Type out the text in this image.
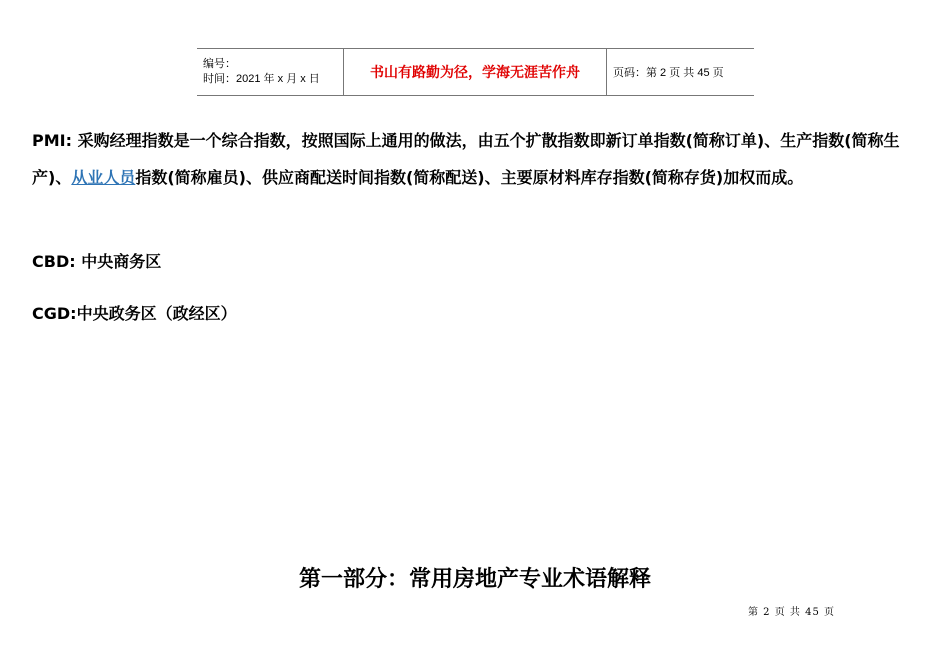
编号：
时间：2021 年 x 月 x 日	书山有路勤为径，学海无涯苦作舟	页码：第 2 页 共 45 页
PMI: 采购经理指数是一个综合指数，按照国际上通用的做法，由五个扩散指数即新订单指数(简称订单)、生产指数(简称生产)、从业人员指数(简称雇员)、供应商配送时间指数(简称配送)、主要原材料库存指数(简称存货)加权而成。
CBD: 中央商务区
CGD:中央政务区（政经区）
第一部分：常用房地产专业术语解释
第 2 页 共 45 页
